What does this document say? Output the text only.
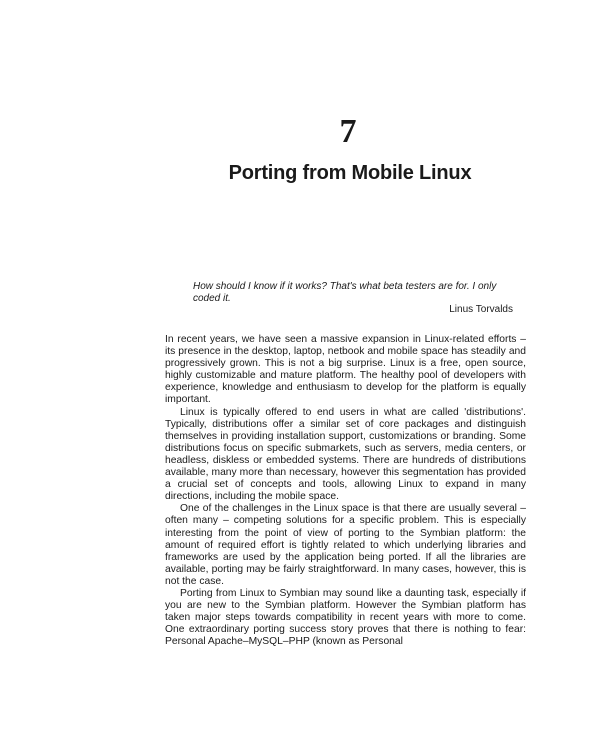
7
Porting from Mobile Linux
How should I know if it works? That's what beta testers are for. I only coded it.
Linus Torvalds

In recent years, we have seen a massive expansion in Linux-related efforts – its presence in the desktop, laptop, netbook and mobile space has steadily and progressively grown. This is not a big surprise. Linux is a free, open source, highly customizable and mature platform. The healthy pool of developers with experience, knowledge and enthusiasm to develop for the platform is equally important.

Linux is typically offered to end users in what are called 'distributions'. Typically, distributions offer a similar set of core packages and distinguish themselves in providing installation support, customizations or branding. Some distributions focus on specific submarkets, such as servers, media centers, or headless, diskless or embedded systems. There are hundreds of distributions available, many more than necessary, however this segmentation has provided a crucial set of concepts and tools, allowing Linux to expand in many directions, including the mobile space.

One of the challenges in the Linux space is that there are usually several – often many – competing solutions for a specific problem. This is especially interesting from the point of view of porting to the Symbian platform: the amount of required effort is tightly related to which underlying libraries and frameworks are used by the application being ported. If all the libraries are available, porting may be fairly straightforward. In many cases, however, this is not the case.

Porting from Linux to Symbian may sound like a daunting task, especially if you are new to the Symbian platform. However the Symbian platform has taken major steps towards compatibility in recent years with more to come. One extraordinary porting success story proves that there is nothing to fear: Personal Apache–MySQL–PHP (known as Personal
